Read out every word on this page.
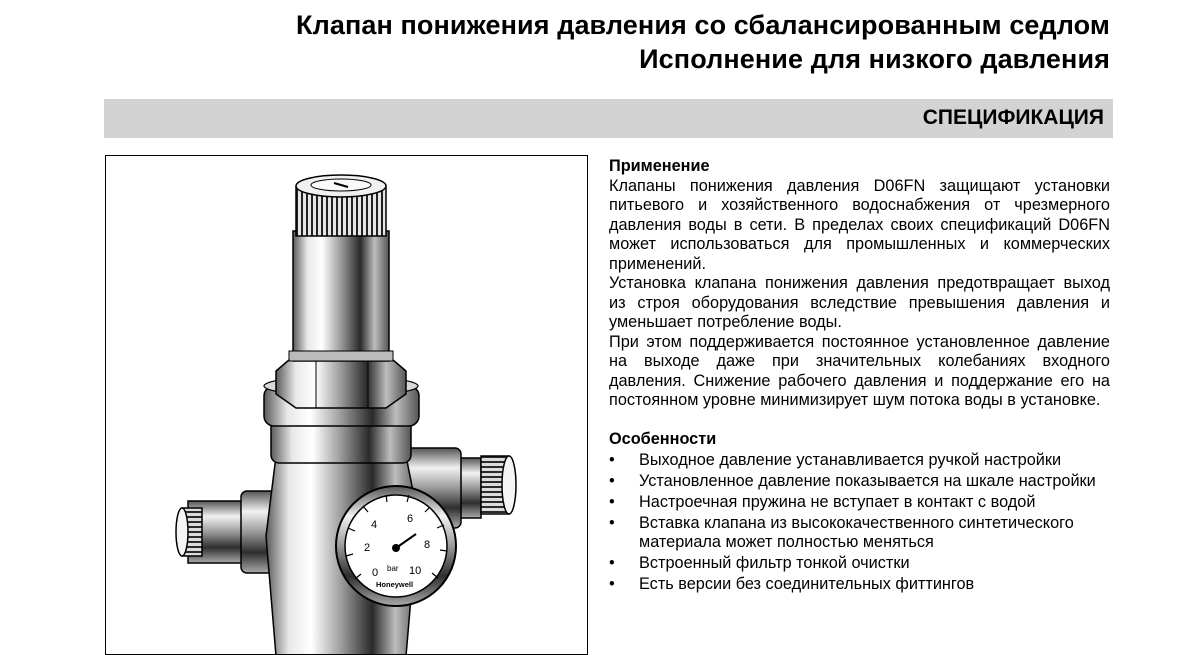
Клапан понижения давления со сбалансированным седлом
Исполнение для низкого давления
СПЕЦИФИКАЦИЯ
0
2
4	6
8
10
bar
Honeywell
Применение
Клапаны понижения давления D06FN защищают установки питьевого и хозяйственного водоснабжения от чрезмерного давления воды в сети. В пределах своих спецификаций D06FN может использоваться для промышленных и коммерческих применений.
Установка клапана понижения давления предотвращает выход из строя оборудования вследствие превышения давления и уменьшает потребление воды.
При этом поддерживается постоянное установленное давление на выходе даже при значительных колебаниях входного давления. Снижение рабочего давления и поддержание его на постоянном уровне минимизирует шум потока воды в установке.
Особенности
• Выходное давление устанавливается ручкой настройки
• Установленное давление показывается на шкале настройки
• Настроечная пружина не вступает в контакт с водой
• Вставка клапана из высококачественного синтетического материала может полностью меняться
• Встроенный фильтр тонкой очистки
• Есть версии без соединительных фиттингов
